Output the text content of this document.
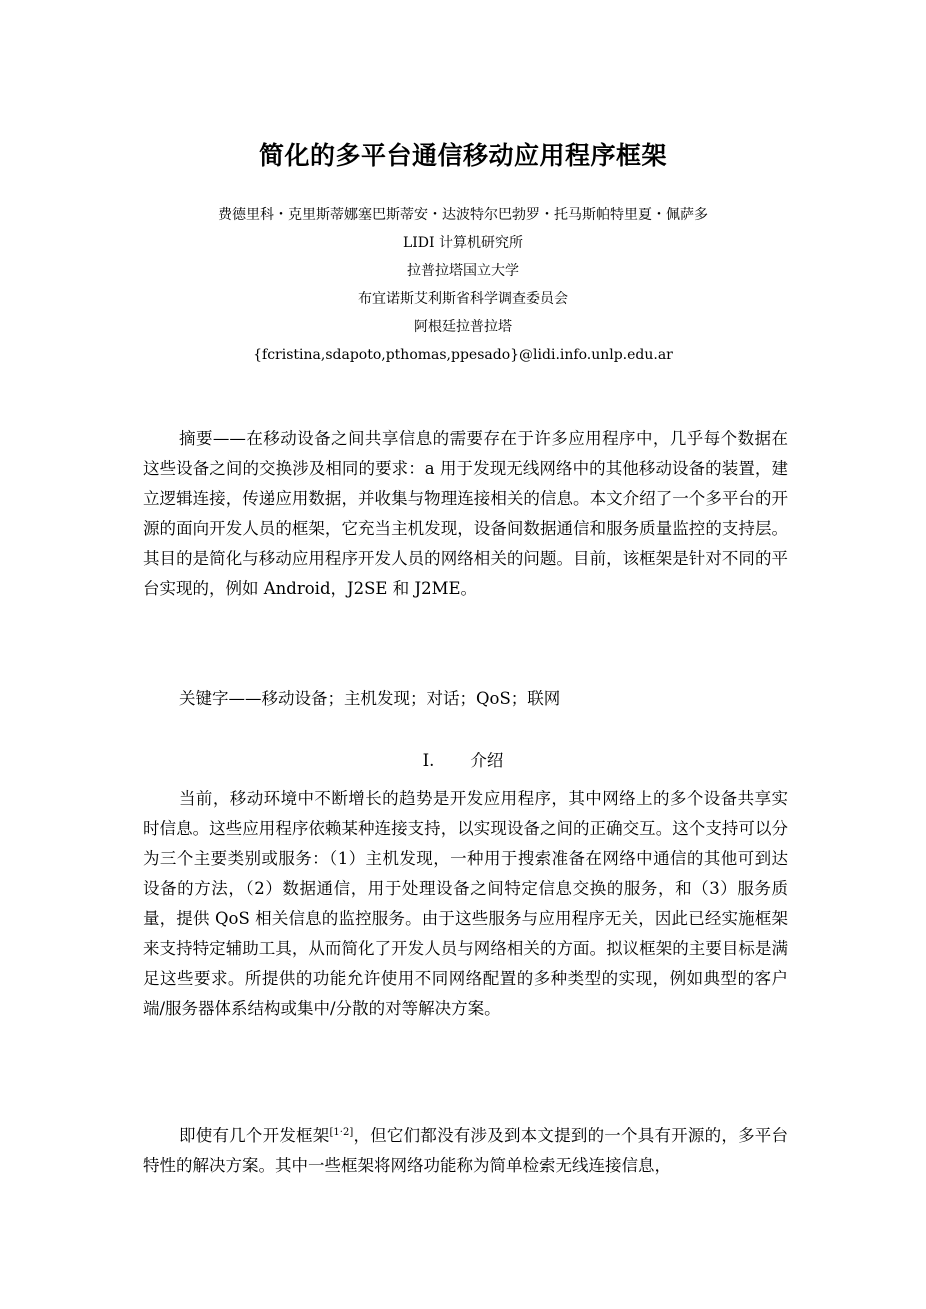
简化的多平台通信移动应用程序框架
费德里科・克里斯蒂娜塞巴斯蒂安・达波特尔巴勃罗・托马斯帕特里夏・佩萨多
LIDI 计算机研究所
拉普拉塔国立大学
布宜诺斯艾利斯省科学调查委员会
阿根廷拉普拉塔
{fcristina,sdapoto,pthomas,ppesado}@lidi.info.unlp.edu.ar
摘要——在移动设备之间共享信息的需要存在于许多应用程序中，几乎每个数据在这些设备之间的交换涉及相同的要求：a 用于发现无线网络中的其他移动设备的装置，建立逻辑连接，传递应用数据，并收集与物理连接相关的信息。本文介绍了一个多平台的开源的面向开发人员的框架，它充当主机发现，设备间数据通信和服务质量监控的支持层。其目的是简化与移动应用程序开发人员的网络相关的问题。目前，该框架是针对不同的平台实现的，例如 Android，J2SE 和 J2ME。
关键字——移动设备；主机发现；对话；QoS；联网
I. 介绍
当前，移动环境中不断增长的趋势是开发应用程序，其中网络上的多个设备共享实时信息。这些应用程序依赖某种连接支持，以实现设备之间的正确交互。这个支持可以分为三个主要类别或服务：（1）主机发现，一种用于搜索准备在网络中通信的其他可到达设备的方法，（2）数据通信，用于处理设备之间特定信息交换的服务，和（3）服务质量，提供 QoS 相关信息的监控服务。由于这些服务与应用程序无关，因此已经实施框架来支持特定辅助工具，从而简化了开发人员与网络相关的方面。拟议框架的主要目标是满足这些要求。所提供的功能允许使用不同网络配置的多种类型的实现，例如典型的客户端/服务器体系结构或集中/分散的对等解决方案。
即使有几个开发框架[1·2]，但它们都没有涉及到本文提到的一个具有开源的，多平台特性的解决方案。其中一些框架将网络功能称为简单检索无线连接信息，
